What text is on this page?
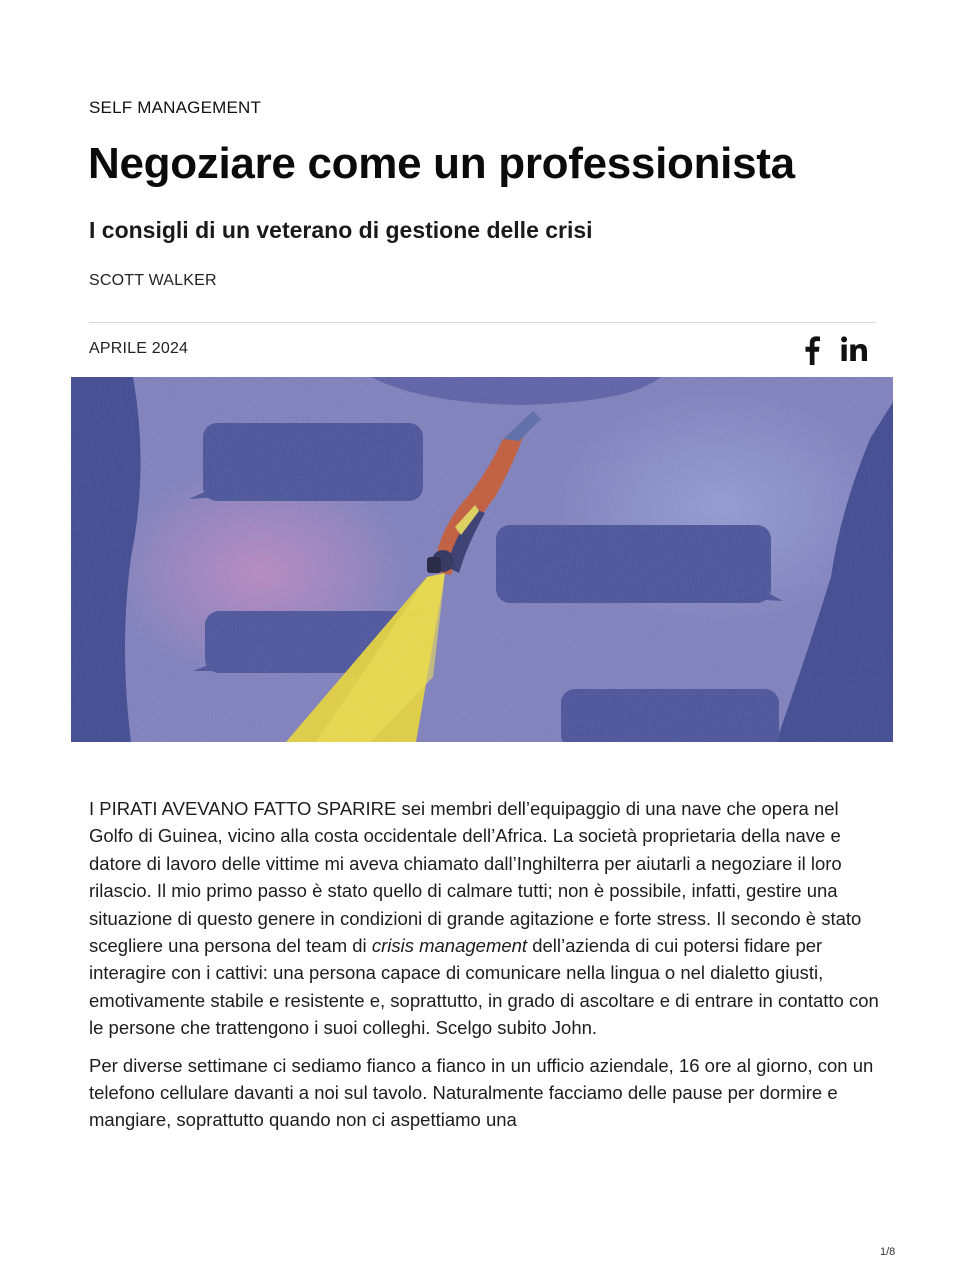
SELF MANAGEMENT
Negoziare come un professionista
I consigli di un veterano di gestione delle crisi
SCOTT WALKER
APRILE 2024

I PIRATI AVEVANO FATTO SPARIRE sei membri dell’equipaggio di una nave che opera nel Golfo di Guinea, vicino alla costa occidentale dell’Africa. La società proprietaria della nave e datore di lavoro delle vittime mi aveva chiamato dall’Inghilterra per aiutarli a negoziare il loro rilascio. Il mio primo passo è stato quello di calmare tutti; non è possibile, infatti, gestire una situazione di questo genere in condizioni di grande agitazione e forte stress. Il secondo è stato scegliere una persona del team di crisis management dell’azienda di cui potersi fidare per interagire con i cattivi: una persona capace di comunicare nella lingua o nel dialetto giusti, emotivamente stabile e resistente e, soprattutto, in grado di ascoltare e di entrare in contatto con le persone che trattengono i suoi colleghi. Scelgo subito John.

Per diverse settimane ci sediamo fianco a fianco in un ufficio aziendale, 16 ore al giorno, con un telefono cellulare davanti a noi sul tavolo. Naturalmente facciamo delle pause per dormire e mangiare, soprattutto quando non ci aspettiamo una

1/8
